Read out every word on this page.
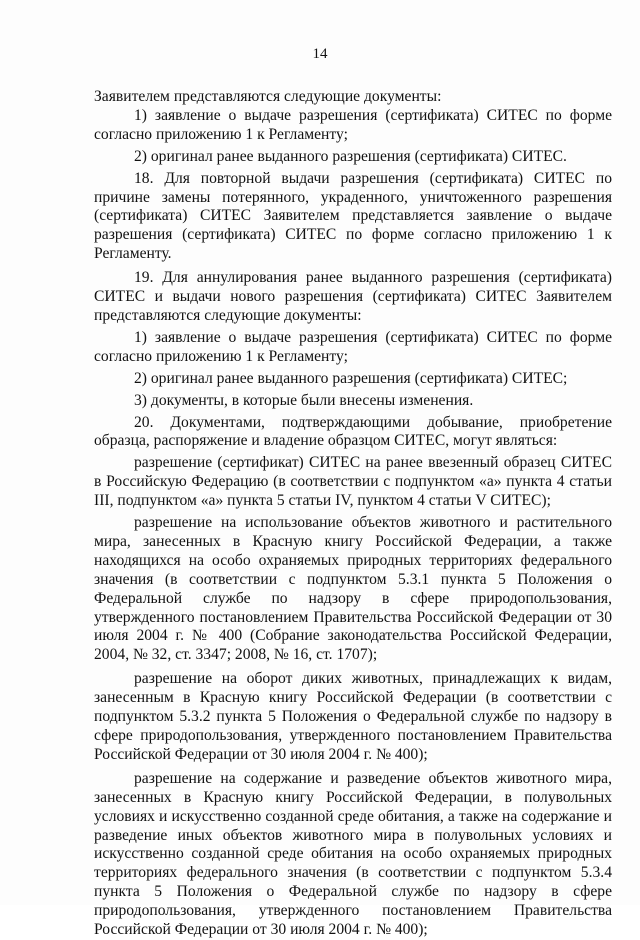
14

Заявителем представляются следующие документы:

1) заявление о выдаче разрешения (сертификата) СИТЕС по форме согласно приложению 1 к Регламенту;

2) оригинал ранее выданного разрешения (сертификата) СИТЕС.

18. Для повторной выдачи разрешения (сертификата) СИТЕС по причине замены потерянного, украденного, уничтоженного разрешения (сертификата) СИТЕС Заявителем представляется заявление о выдаче разрешения (сертификата) СИТЕС по форме согласно приложению 1 к Регламенту.

19. Для аннулирования ранее выданного разрешения (сертификата) СИТЕС и выдачи нового разрешения (сертификата) СИТЕС Заявителем представляются следующие документы:

1) заявление о выдаче разрешения (сертификата) СИТЕС по форме согласно приложению 1 к Регламенту;

2) оригинал ранее выданного разрешения (сертификата) СИТЕС;

3) документы, в которые были внесены изменения.

20. Документами, подтверждающими добывание, приобретение образца, распоряжение и владение образцом СИТЕС, могут являться:

разрешение (сертификат) СИТЕС на ранее ввезенный образец СИТЕС в Российскую Федерацию (в соответствии с подпунктом «а» пункта 4 статьи III, подпунктом «а» пункта 5 статьи IV, пунктом 4 статьи V СИТЕС);

разрешение на использование объектов животного и растительного мира, занесенных в Красную книгу Российской Федерации, а также находящихся на особо охраняемых природных территориях федерального значения (в соответствии с подпунктом 5.3.1 пункта 5 Положения о Федеральной службе по надзору в сфере природопользования, утвержденного постановлением Правительства Российской Федерации от 30 июля 2004 г. № 400 (Собрание законодательства Российской Федерации, 2004, № 32, ст. 3347; 2008, № 16, ст. 1707);

разрешение на оборот диких животных, принадлежащих к видам, занесенным в Красную книгу Российской Федерации (в соответствии с подпунктом 5.3.2 пункта 5 Положения о Федеральной службе по надзору в сфере природопользования, утвержденного постановлением Правительства Российской Федерации от 30 июля 2004 г. № 400);

разрешение на содержание и разведение объектов животного мира, занесенных в Красную книгу Российской Федерации, в полувольных условиях и искусственно созданной среде обитания, а также на содержание и разведение иных объектов животного мира в полувольных условиях и искусственно созданной среде обитания на особо охраняемых природных территориях федерального значения (в соответствии с подпунктом 5.3.4 пункта 5 Положения о Федеральной службе по надзору в сфере природопользования, утвержденного постановлением Правительства Российской Федерации от 30 июля 2004 г. № 400);
